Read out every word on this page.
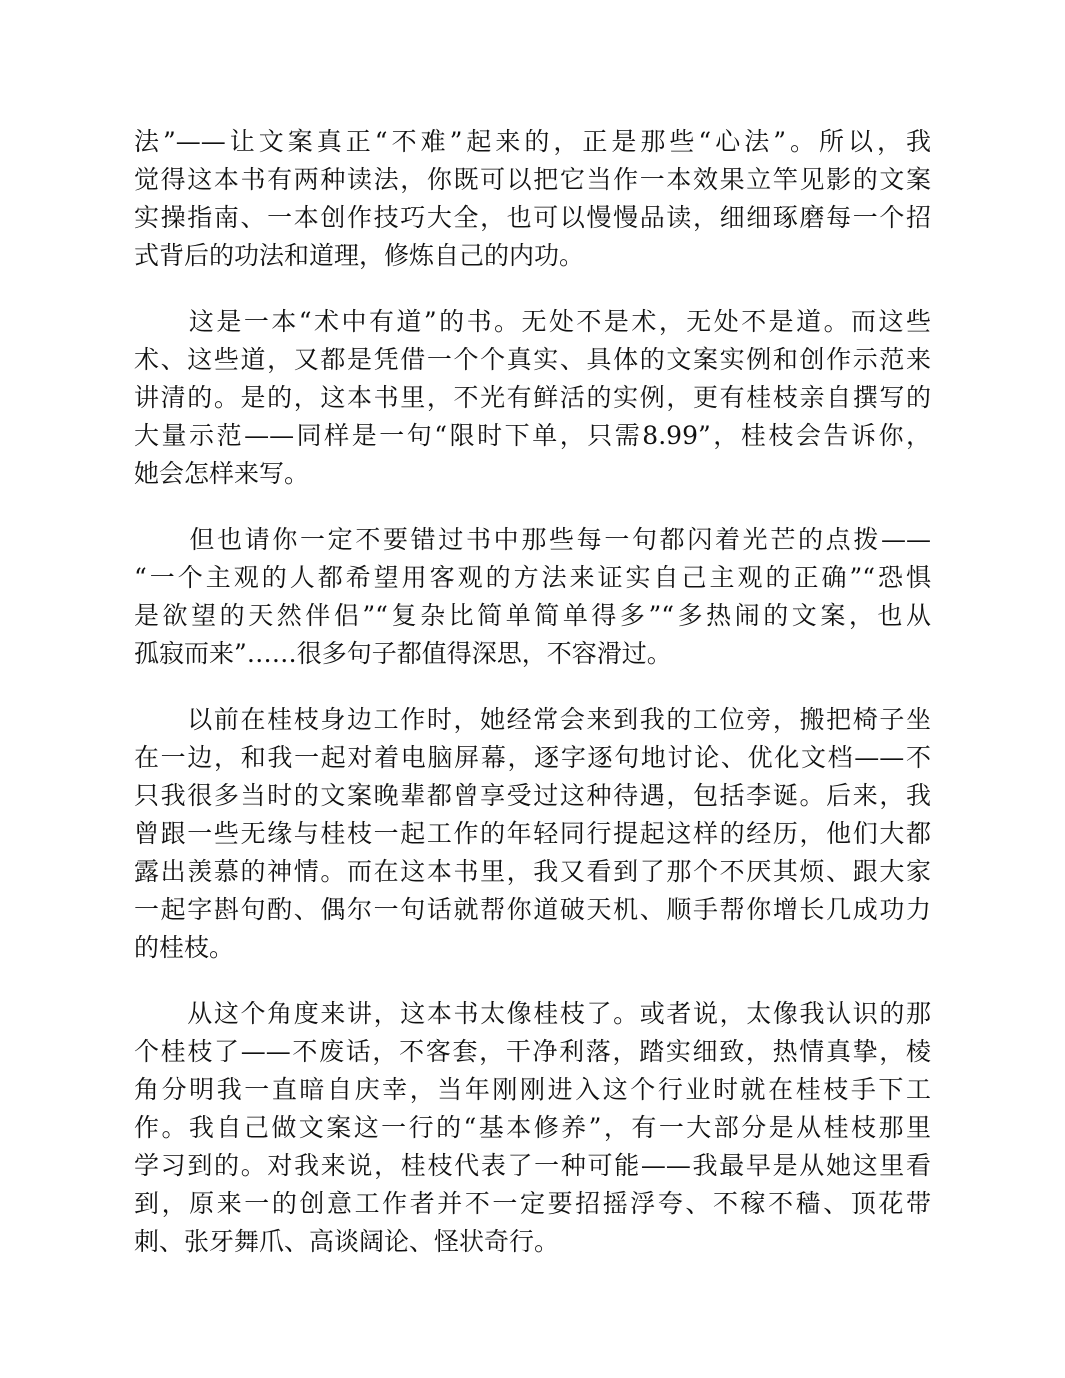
法”——让文案真正“不难”起来的，正是那些“心法”。所以，我
觉得这本书有两种读法，你既可以把它当作一本效果立竿见影的文案
实操指南、一本创作技巧大全，也可以慢慢品读，细细琢磨每一个招
式背后的功法和道理，修炼自己的内功。

　　这是一本“术中有道”的书。无处不是术，无处不是道。而这些
术、这些道，又都是凭借一个个真实、具体的文案实例和创作示范来
讲清的。是的，这本书里，不光有鲜活的实例，更有桂枝亲自撰写的
大量示范——同样是一句“限时下单，只需8.99”，桂枝会告诉你，
她会怎样来写。

　　但也请你一定不要错过书中那些每一句都闪着光芒的点拨——
“一个主观的人都希望用客观的方法来证实自己主观的正确”“恐惧
是欲望的天然伴侣”“复杂比简单简单得多”“多热闹的文案，也从
孤寂而来”……很多句子都值得深思，不容滑过。

　　以前在桂枝身边工作时，她经常会来到我的工位旁，搬把椅子坐
在一边，和我一起对着电脑屏幕，逐字逐句地讨论、优化文档——不
只我很多当时的文案晚辈都曾享受过这种待遇，包括李诞。后来，我
曾跟一些无缘与桂枝一起工作的年轻同行提起这样的经历，他们大都
露出羡慕的神情。而在这本书里，我又看到了那个不厌其烦、跟大家
一起字斟句酌、偶尔一句话就帮你道破天机、顺手帮你增长几成功力
的桂枝。

　　从这个角度来讲，这本书太像桂枝了。或者说，太像我认识的那
个桂枝了——不废话，不客套，干净利落，踏实细致，热情真挚，棱
角分明我一直暗自庆幸，当年刚刚进入这个行业时就在桂枝手下工
作。我自己做文案这一行的“基本修养”，有一大部分是从桂枝那里
学习到的。对我来说，桂枝代表了一种可能——我最早是从她这里看
到，原来一的创意工作者并不一定要招摇浮夸、不稼不穑、顶花带
刺、张牙舞爪、高谈阔论、怪状奇行。
